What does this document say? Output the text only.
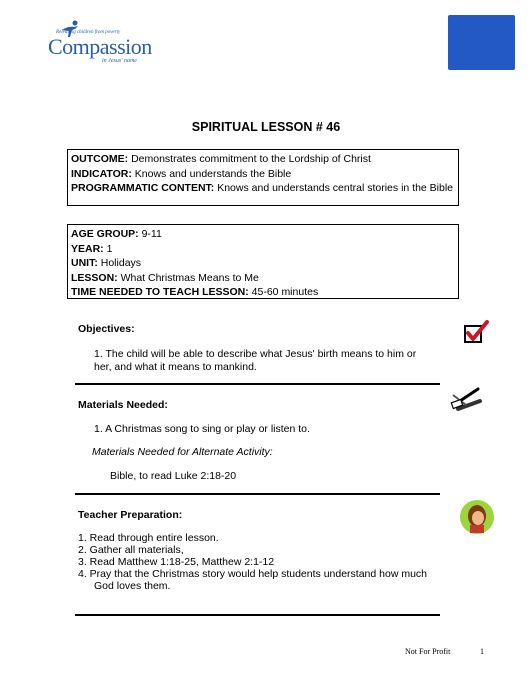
Releasing children from poverty
Compassion
in Jesus' name
SPIRITUAL LESSON # 46
OUTCOME: Demonstrates commitment to the Lordship of Christ
INDICATOR: Knows and understands the Bible
PROGRAMMATIC CONTENT: Knows and understands central stories in the Bible
AGE GROUP: 9-11
YEAR: 1
UNIT: Holidays
LESSON: What Christmas Means to Me
TIME NEEDED TO TEACH LESSON: 45-60 minutes
Objectives:
1. The child will be able to describe what Jesus' birth means to him or her, and what it means to mankind.
Materials Needed:
1. A Christmas song to sing or play or listen to.
Materials Needed for Alternate Activity:
Bible, to read Luke 2:18-20
Teacher Preparation:
1. Read through entire lesson.
2. Gather all materials,
3. Read Matthew 1:18-25, Matthew 2:1-12
4. Pray that the Christmas story would help students understand how much
God loves them.
Not For Profit	1
